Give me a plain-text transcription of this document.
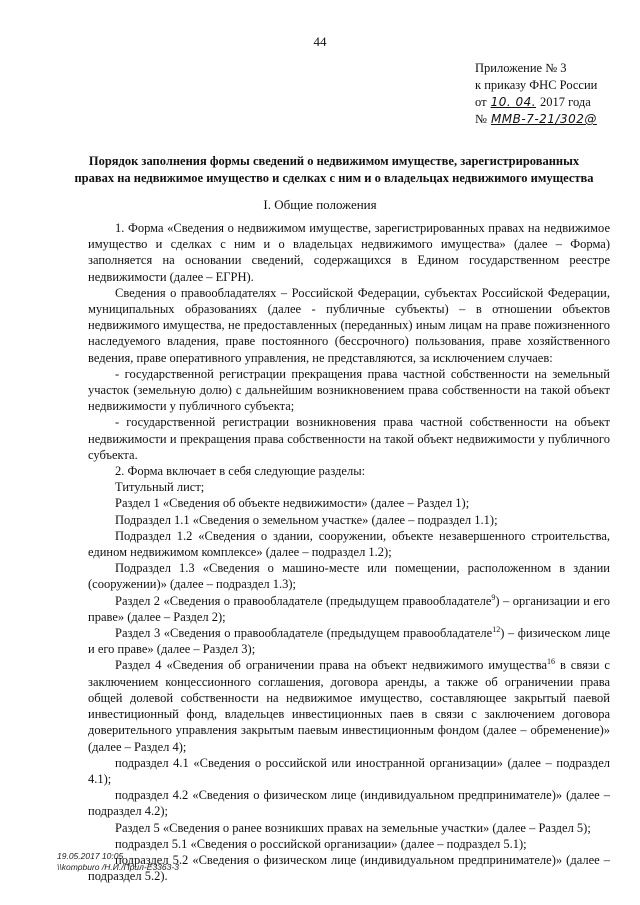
44
Приложение № 3
к приказу ФНС России
от 10. 04. 2017 года
№ ММВ-7-21/302@
Порядок заполнения формы сведений о недвижимом имуществе, зарегистрированных правах на недвижимое имущество и сделках с ним и о владельцах недвижимого имущества
I. Общие положения

1. Форма «Сведения о недвижимом имуществе, зарегистрированных правах на недвижимое имущество и сделках с ним и о владельцах недвижимого имущества» (далее – Форма) заполняется на основании сведений, содержащихся в Едином государственном реестре недвижимости (далее – ЕГРН).

Сведения о правообладателях – Российской Федерации, субъектах Российской Федерации, муниципальных образованиях (далее - публичные субъекты) – в отношении объектов недвижимого имущества, не предоставленных (переданных) иным лицам на праве пожизненного наследуемого владения, праве постоянного (бессрочного) пользования, праве хозяйственного ведения, праве оперативного управления, не представляются, за исключением случаев:

- государственной регистрации прекращения права частной собственности на земельный участок (земельную долю) с дальнейшим возникновением права собственности на такой объект недвижимости у публичного субъекта;

- государственной регистрации возникновения права частной собственности на объект недвижимости и прекращения права собственности на такой объект недвижимости у публичного субъекта.

2. Форма включает в себя следующие разделы:

Титульный лист;

Раздел 1 «Сведения об объекте недвижимости» (далее – Раздел 1);

Подраздел 1.1 «Сведения о земельном участке» (далее – подраздел 1.1);

Подраздел 1.2 «Сведения о здании, сооружении, объекте незавершенного строительства, едином недвижимом комплексе» (далее – подраздел 1.2);

Подраздел 1.3 «Сведения о машино-месте или помещении, расположенном в здании (сооружении)» (далее – подраздел 1.3);

Раздел 2 «Сведения о правообладателе (предыдущем правообладателе$^9$) – организации и его праве» (далее – Раздел 2);

Раздел 3 «Сведения о правообладателе (предыдущем правообладателе$^{12}$) – физическом лице и его праве» (далее – Раздел 3);

Раздел 4 «Сведения об ограничении права на объект недвижимого имущества$^{16}$ в связи с заключением концессионного соглашения, договора аренды, а также об ограничении права общей долевой собственности на недвижимое имущество, составляющее закрытый паевой инвестиционный фонд, владельцев инвестиционных паев в связи с заключением договора доверительного управления закрытым паевым инвестиционным фондом (далее – обременение)» (далее – Раздел 4);

подраздел 4.1 «Сведения о российской или иностранной организации» (далее – подраздел 4.1);

подраздел 4.2 «Сведения о физическом лице (индивидуальном предпринимателе)» (далее – подраздел 4.2);

Раздел 5 «Сведения о ранее возникших правах на земельные участки» (далее – Раздел 5);

подраздел 5.1 «Сведения о российской организации» (далее – подраздел 5.1);

подраздел 5.2 «Сведения о физическом лице (индивидуальном предпринимателе)» (далее – подраздел 5.2).

19.05.2017 10:05
\\kompburo /Н.И./Прил-Е3363-3
